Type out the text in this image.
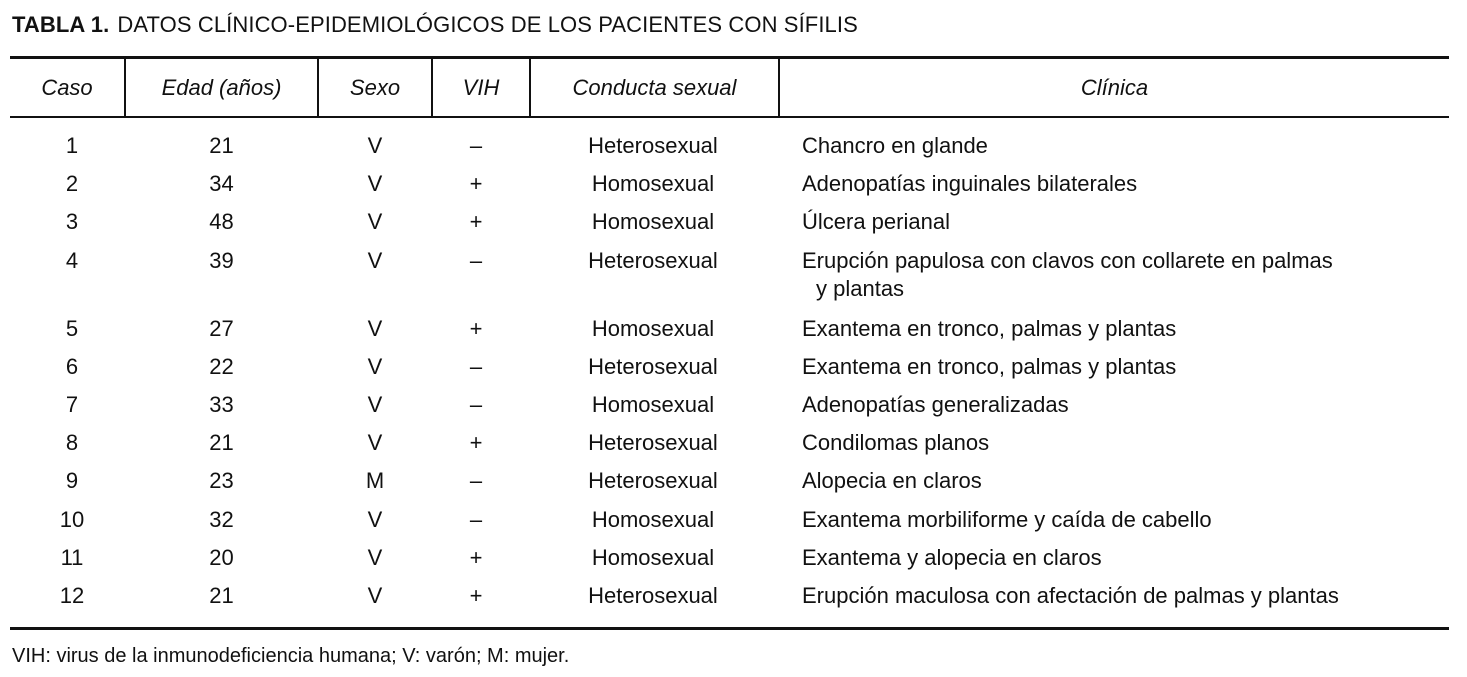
TABLA 1. DATOS CLÍNICO-EPIDEMIOLÓGICOS DE LOS PACIENTES CON SÍFILIS
Caso	Edad (años)	Sexo	VIH	Conducta sexual	Clínica
1	21	V	–	Heterosexual	Chancro en glande
2	34	V	+	Homosexual	Adenopatías inguinales bilaterales
3	48	V	+	Homosexual	Úlcera perianal
4	39	V	–	Heterosexual	Erupción papulosa con clavos con collarete en palmas
y plantas
5	27	V	+	Homosexual	Exantema en tronco, palmas y plantas
6	22	V	–	Heterosexual	Exantema en tronco, palmas y plantas
7	33	V	–	Homosexual	Adenopatías generalizadas
8	21	V	+	Heterosexual	Condilomas planos
9	23	M	–	Heterosexual	Alopecia en claros
10	32	V	–	Homosexual	Exantema morbiliforme y caída de cabello
11	20	V	+	Homosexual	Exantema y alopecia en claros
12	21	V	+	Heterosexual	Erupción maculosa con afectación de palmas y plantas
VIH: virus de la inmunodeficiencia humana; V: varón; M: mujer.
